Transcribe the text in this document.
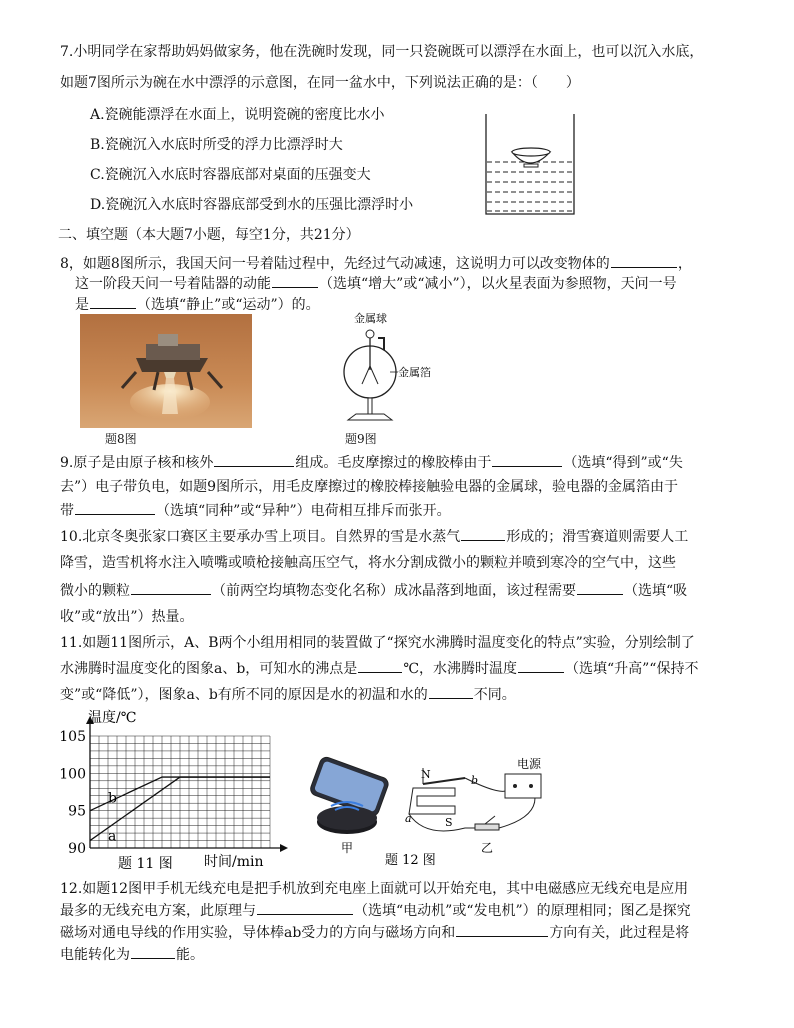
7.小明同学在家帮助妈妈做家务，他在洗碗时发现，同一只瓷碗既可以漂浮在水面上，也可以沉入水底，
如题7图所示为碗在水中漂浮的示意图，在同一盆水中，下列说法正确的是：（　　）
A.瓷碗能漂浮在水面上，说明瓷碗的密度比水小
B.瓷碗沉入水底时所受的浮力比漂浮时大
C.瓷碗沉入水底时容器底部对桌面的压强变大
D.瓷碗沉入水底时容器底部受到水的压强比漂浮时小
二、填空题（本大题7小题，每空1分，共21分）
8，如题8图所示，我国天问一号着陆过程中，先经过气动减速，这说明力可以改变物体的	，
这一阶段天问一号着陆器的动能	（选填“增大”或“减小”），以火星表面为参照物，天问一号
是	（选填“静止”或“运动”）的。
题8图
金属球
金属箔
题9图
9.原子是由原子核和核外	组成。毛皮摩擦过的橡胶棒由于	（选填“得到”或“失
去”）电子带负电，如题9图所示，用毛皮摩擦过的橡胶棒接触验电器的金属球，验电器的金属箔由于
带	（选填“同种”或“异种”）电荷相互排斥而张开。
10.北京冬奥张家口赛区主要承办雪上项目。自然界的雪是水蒸气	形成的；滑雪赛道则需要人工
降雪，造雪机将水注入喷嘴或喷枪接触高压空气，将水分割成微小的颗粒并喷到寒冷的空气中，这些
微小的颗粒	（前两空均填物态变化名称）成冰晶落到地面，该过程需要	（选填“吸
收”或“放出”）热量。
11.如题11图所示，A、B两个小组用相同的装置做了“探究水沸腾时温度变化的特点”实验，分别绘制了
水沸腾时温度变化的图象a、b，可知水的沸点是	℃，水沸腾时温度	（选填“升高”“保持不
变”或“降低”），图象a、b有所不同的原因是水的初温和水的	不同。
90
95
100
105
a
b
温度/℃
时间/min
题 11 图
甲
N
S
a
b
电源
乙
题 12 图
12.如题12图甲手机无线充电是把手机放到充电座上面就可以开始充电，其中电磁感应无线充电是应用
最多的无线充电方案，此原理与	（选填“电动机”或“发电机”）的原理相同；图乙是探究
磁场对通电导线的作用实验，导体棒ab受力的方向与磁场方向和	方向有关，此过程是将
电能转化为	能。
